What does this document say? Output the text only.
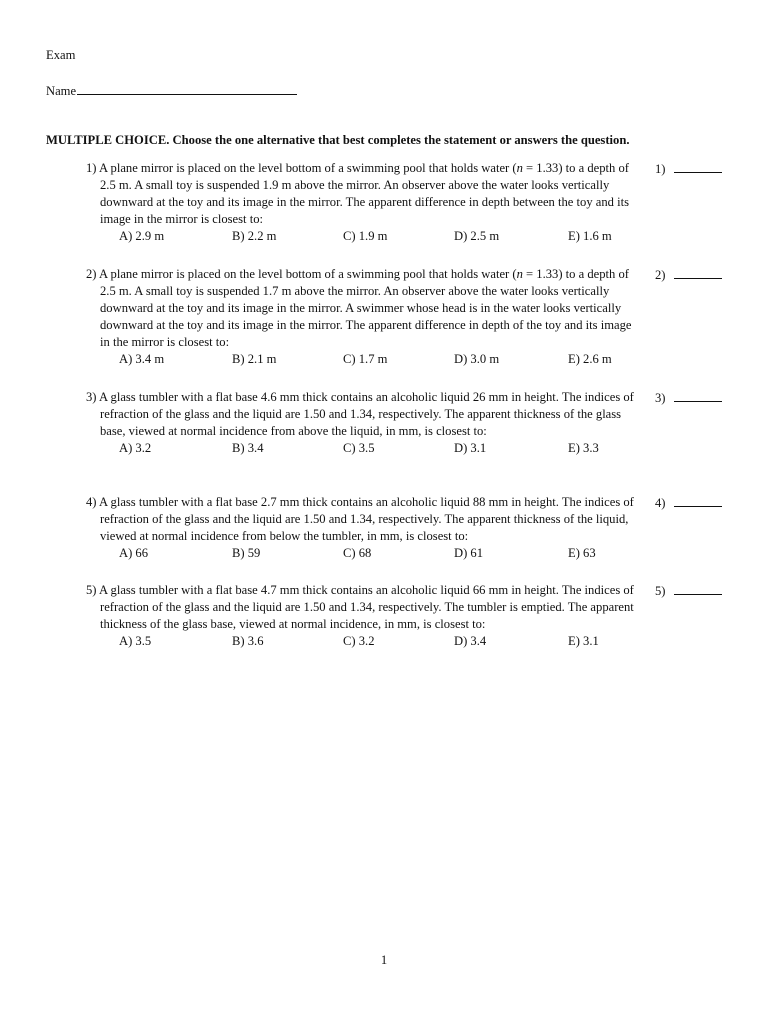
Exam
Name
MULTIPLE CHOICE. Choose the one alternative that best completes the statement or answers the question.
1) A plane mirror is placed on the level bottom of a swimming pool that holds water (n = 1.33) to a depth of 2.5 m. A small toy is suspended 1.9 m above the mirror. An observer above the water looks vertically downward at the toy and its image in the mirror. The apparent difference in depth between the toy and its image in the mirror is closest to:
A) 2.9 m	B) 2.2 m	C) 1.9 m	D) 2.5 m	E) 1.6 m
1)
2) A plane mirror is placed on the level bottom of a swimming pool that holds water (n = 1.33) to a depth of 2.5 m. A small toy is suspended 1.7 m above the mirror. An observer above the water looks vertically downward at the toy and its image in the mirror. A swimmer whose head is in the water looks vertically downward at the toy and its image in the mirror. The apparent difference in depth of the toy and its image in the mirror is closest to:
A) 3.4 m	B) 2.1 m	C) 1.7 m	D) 3.0 m	E) 2.6 m
2)
3) A glass tumbler with a flat base 4.6 mm thick contains an alcoholic liquid 26 mm in height. The indices of refraction of the glass and the liquid are 1.50 and 1.34, respectively. The apparent thickness of the glass base, viewed at normal incidence from above the liquid, in mm, is closest to:
A) 3.2	B) 3.4	C) 3.5	D) 3.1	E) 3.3
3)
4) A glass tumbler with a flat base 2.7 mm thick contains an alcoholic liquid 88 mm in height. The indices of refraction of the glass and the liquid are 1.50 and 1.34, respectively. The apparent thickness of the liquid, viewed at normal incidence from below the tumbler, in mm, is closest to:
A) 66	B) 59	C) 68	D) 61	E) 63
4)
5) A glass tumbler with a flat base 4.7 mm thick contains an alcoholic liquid 66 mm in height. The indices of refraction of the glass and the liquid are 1.50 and 1.34, respectively. The tumbler is emptied. The apparent thickness of the glass base, viewed at normal incidence, in mm, is closest to:
A) 3.5	B) 3.6	C) 3.2	D) 3.4	E) 3.1
5)
1
